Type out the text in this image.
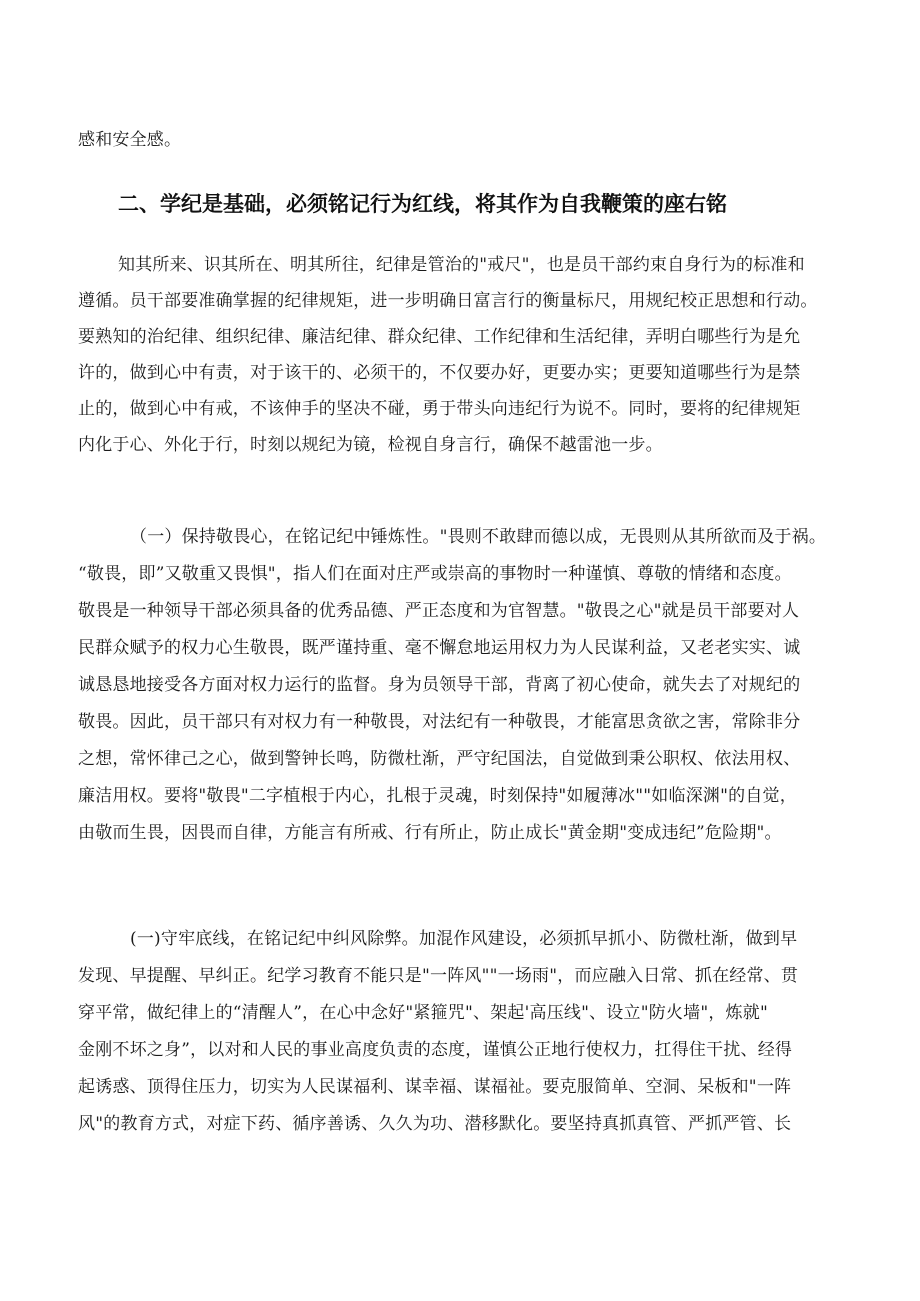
感和安全感。
二、学纪是基础，必须铭记行为红线，将其作为自我鞭策的座右铭
知其所来、识其所在、明其所往，纪律是管治的"戒尺"，也是员干部约束自身行为的标准和
遵循。员干部要准确掌握的纪律规矩，进一步明确日富言行的衡量标尺，用规纪校正思想和行动。
要熟知的治纪律、组织纪律、廉洁纪律、群众纪律、工作纪律和生活纪律，弄明白哪些行为是允
许的，做到心中有责，对于该干的、必须干的，不仅要办好，更要办实；更要知道哪些行为是禁
止的，做到心中有戒，不该伸手的坚决不碰，勇于带头向违纪行为说不。同时，要将的纪律规矩
内化于心、外化于行，时刻以规纪为镜，检视自身言行，确保不越雷池一步。
（一）保持敬畏心，在铭记纪中锤炼性。"畏则不敢肆而德以成，无畏则从其所欲而及于祸。
“敬畏，即”又敬重又畏惧"，指人们在面对庄严或崇高的事物时一种谨慎、尊敬的情绪和态度。
敬畏是一种领导干部必须具备的优秀品德、严正态度和为官智慧。"敬畏之心"就是员干部要对人
民群众赋予的权力心生敬畏，既严谨持重、毫不懈怠地运用权力为人民谋利益，又老老实实、诚
诚恳恳地接受各方面对权力运行的监督。身为员领导干部，背离了初心使命，就失去了对规纪的
敬畏。因此，员干部只有对权力有一种敬畏，对法纪有一种敬畏，才能富思贪欲之害，常除非分
之想，常怀律己之心，做到警钟长鸣，防微杜渐，严守纪国法，自觉做到秉公职权、依法用权、
廉洁用权。要将"敬畏"二字植根于内心，扎根于灵魂，时刻保持"如履薄冰""如临深渊"的自觉，
由敬而生畏，因畏而自律，方能言有所戒、行有所止，防止成长"黄金期"变成违纪”危险期"。
(一)守牢底线，在铭记纪中纠风除弊。加混作风建设，必须抓早抓小、防微杜渐，做到早
发现、早提醒、早纠正。纪学习教育不能只是"一阵风""一场雨"，而应融入日常、抓在经常、贯
穿平常，做纪律上的“清醒人”，在心中念好"紧箍咒"、架起'高压线"、设立"防火墙"，炼就"
金刚不坏之身”，以对和人民的事业高度负责的态度，谨慎公正地行使权力，扛得住干扰、经得
起诱惑、顶得住压力，切实为人民谋福利、谋幸福、谋福祉。要克服简单、空洞、呆板和"一阵
风"的教育方式，对症下药、循序善诱、久久为功、潜移默化。要坚持真抓真管、严抓严管、长
